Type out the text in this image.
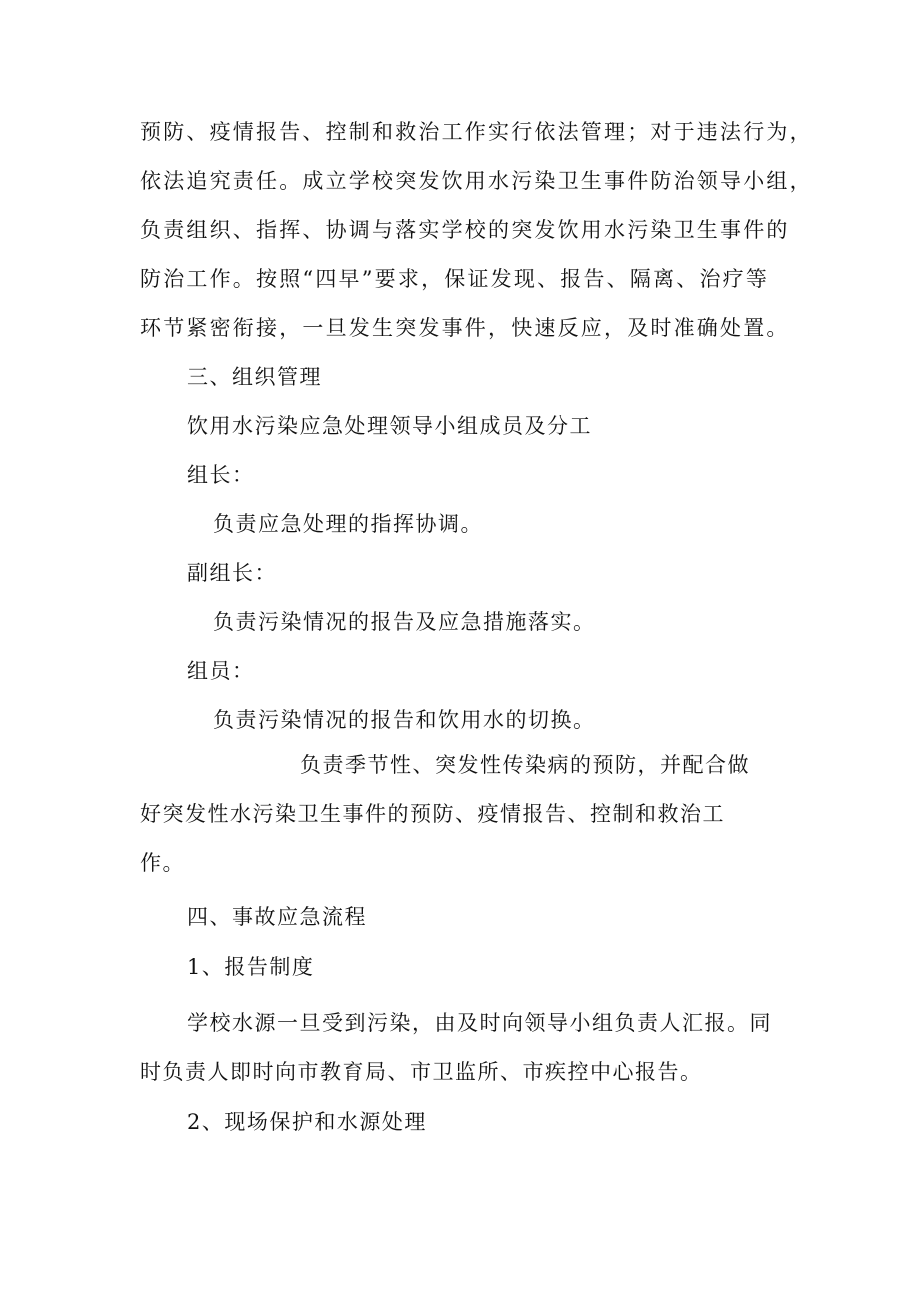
预防、疫情报告、控制和救治工作实行依法管理；对于违法行为，
依法追究责任。成立学校突发饮用水污染卫生事件防治领导小组，
负责组织、指挥、协调与落实学校的突发饮用水污染卫生事件的
防治工作。按照“四早”要求，保证发现、报告、隔离、治疗等
环节紧密衔接，一旦发生突发事件，快速反应，及时准确处置。
三、组织管理
饮用水污染应急处理领导小组成员及分工
组长：
负责应急处理的指挥协调。
副组长：
负责污染情况的报告及应急措施落实。
组员：
负责污染情况的报告和饮用水的切换。
负责季节性、突发性传染病的预防，并配合做
好突发性水污染卫生事件的预防、疫情报告、控制和救治工
作。
四、事故应急流程
1、报告制度
学校水源一旦受到污染，由及时向领导小组负责人汇报。同
时负责人即时向市教育局、市卫监所、市疾控中心报告。
2、现场保护和水源处理
